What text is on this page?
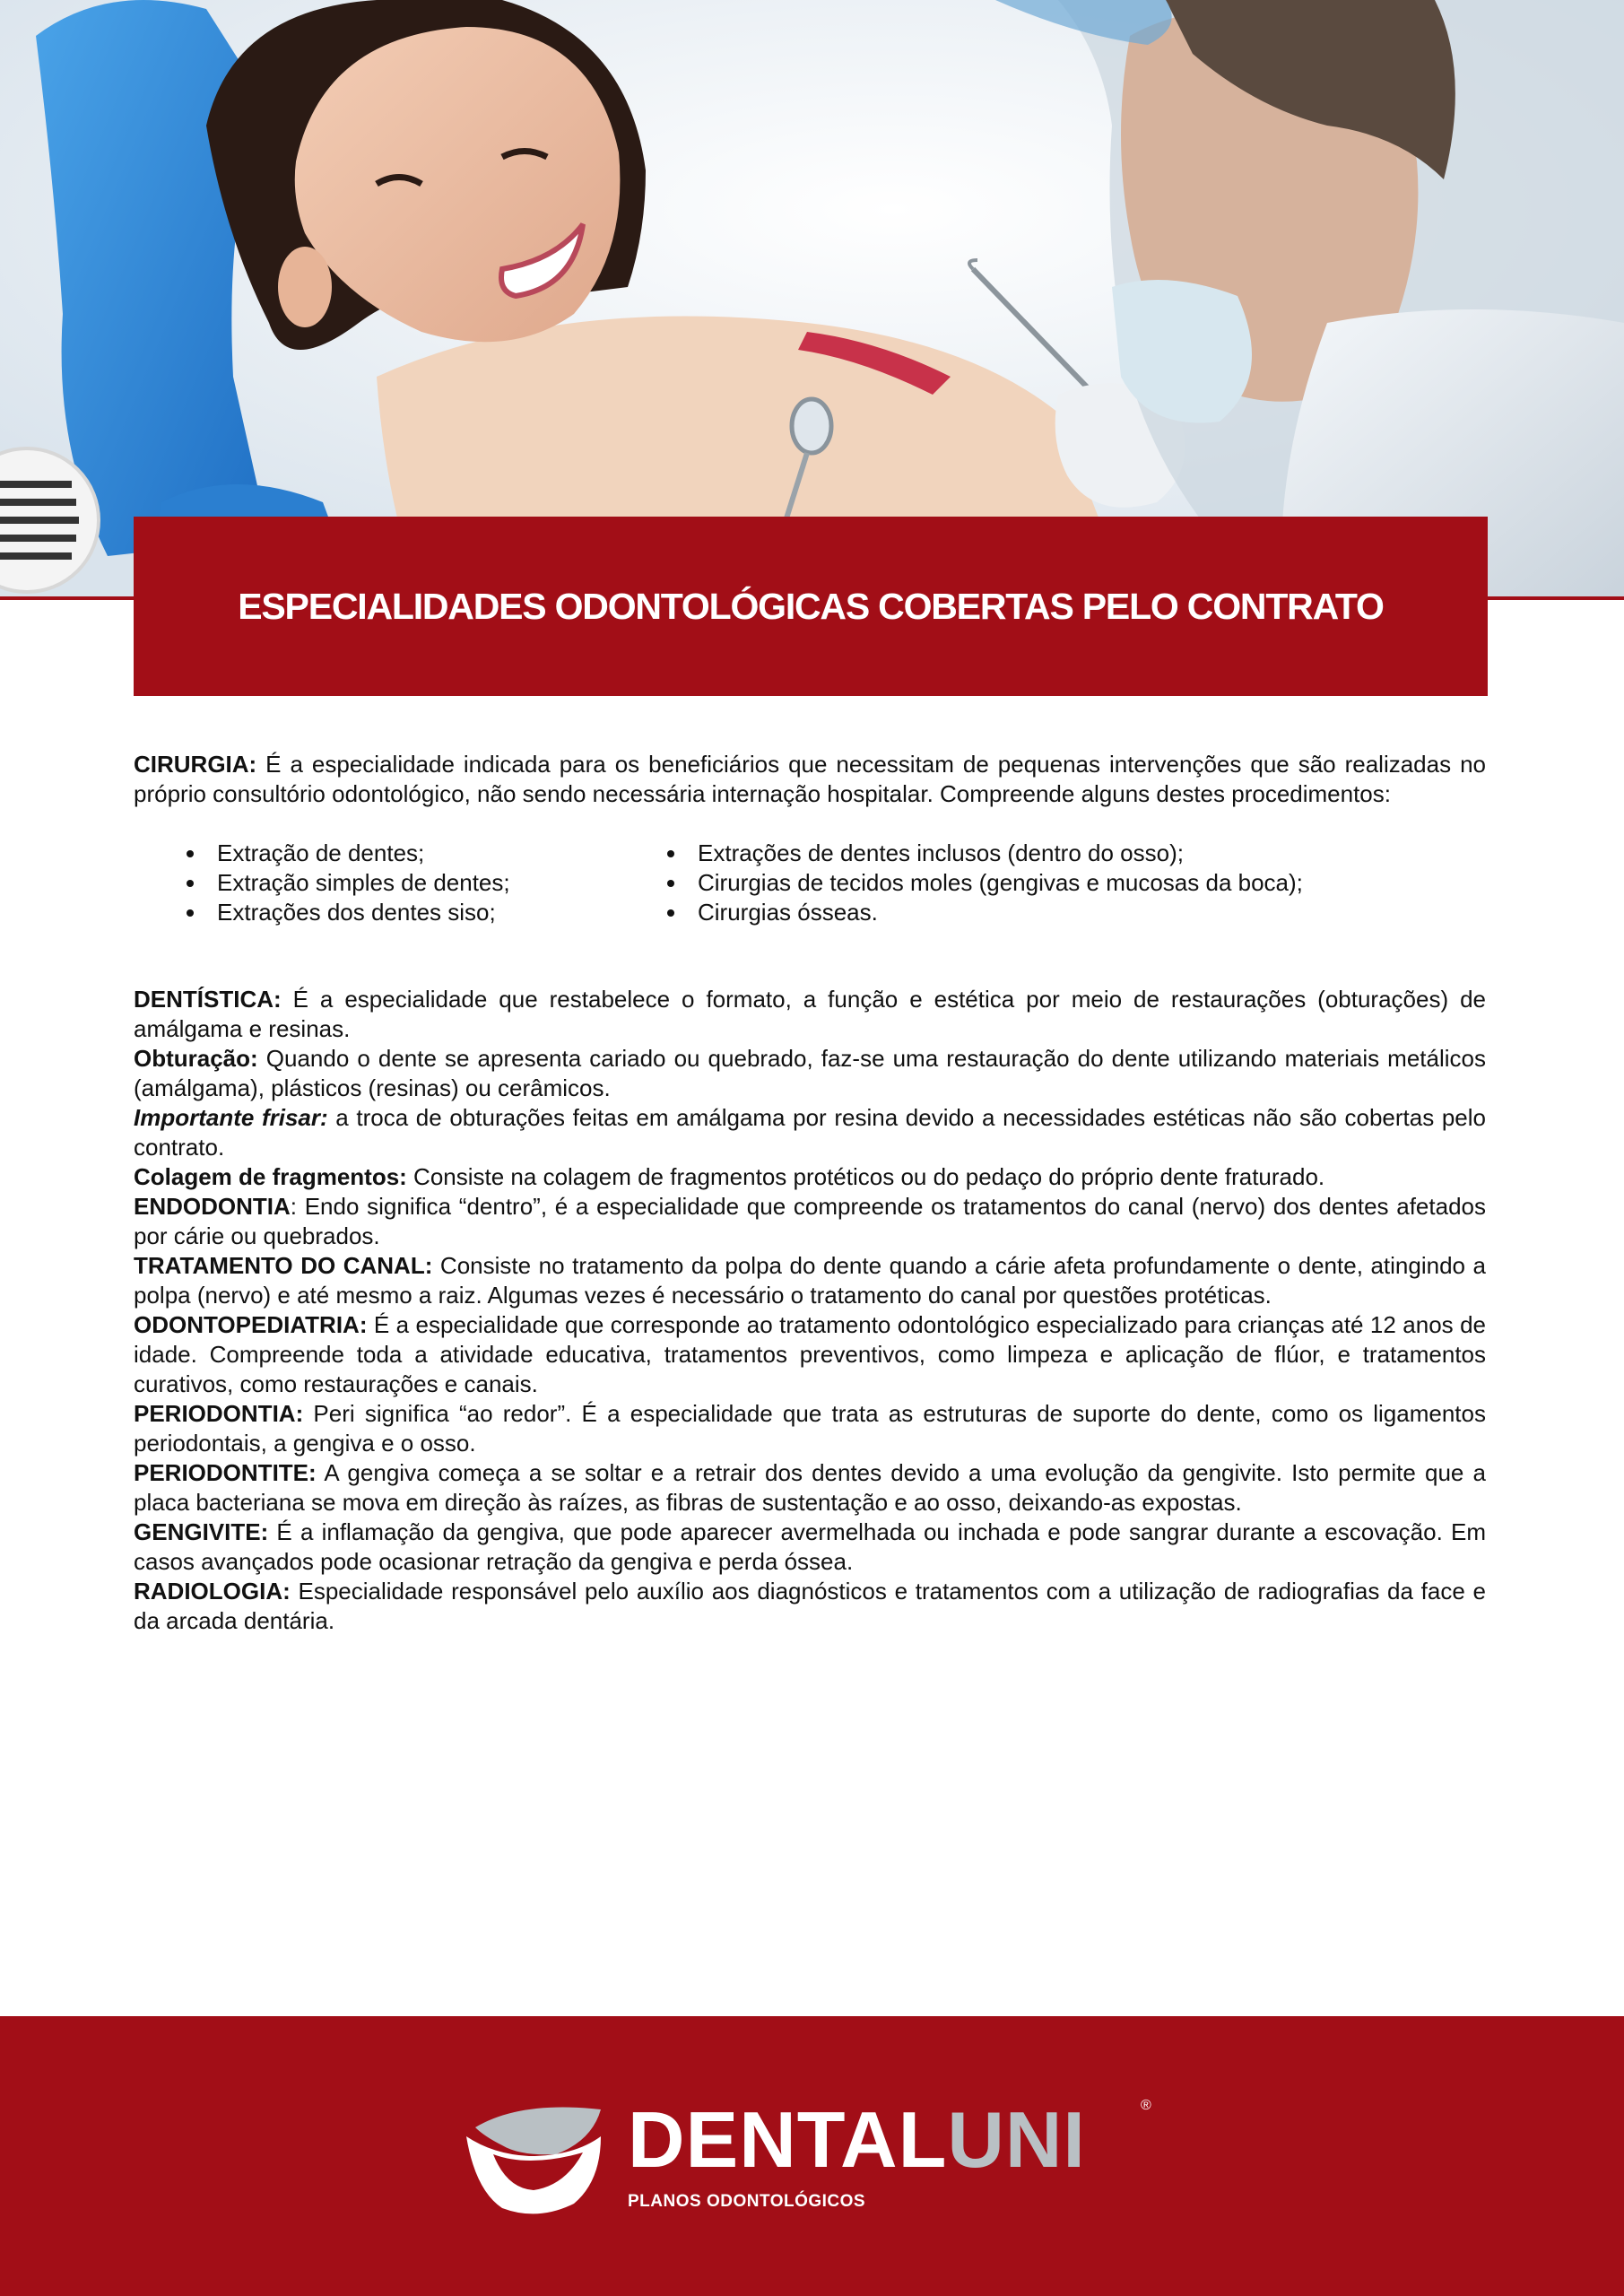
ESPECIALIDADES ODONTOLÓGICAS COBERTAS PELO CONTRATO

CIRURGIA: É a especialidade indicada para os beneficiários que necessitam de pequenas intervenções que são realizadas no próprio consultório odontológico, não sendo necessária internação hospitalar. Compreende alguns destes procedimentos:

Extração de dentes;
Extração simples de dentes;
Extrações dos dentes siso;
Extrações de dentes inclusos (dentro do osso);
Cirurgias de tecidos moles (gengivas e mucosas da boca);
Cirurgias ósseas.

DENTÍSTICA: É a especialidade que restabelece o formato, a função e estética por meio de restaurações (obturações) de amálgama e resinas.

Obturação: Quando o dente se apresenta cariado ou quebrado, faz-se uma restauração do dente utilizando materiais metálicos (amálgama), plásticos (resinas) ou cerâmicos.

Importante frisar: a troca de obturações feitas em amálgama por resina devido a necessidades estéticas não são cobertas pelo contrato.

Colagem de fragmentos: Consiste na colagem de fragmentos protéticos ou do pedaço do próprio dente fraturado.

ENDODONTIA: Endo significa “dentro”, é a especialidade que compreende os tratamentos do canal (nervo) dos dentes afetados por cárie ou quebrados.

TRATAMENTO DO CANAL: Consiste no tratamento da polpa do dente quando a cárie afeta profundamente o dente, atingindo a polpa (nervo) e até mesmo a raiz. Algumas vezes é necessário o tratamento do canal por questões protéticas.

ODONTOPEDIATRIA: É a especialidade que corresponde ao tratamento odontológico especializado para crianças até 12 anos de idade. Compreende toda a atividade educativa, tratamentos preventivos, como limpeza e aplicação de flúor, e tratamentos curativos, como restaurações e canais.

PERIODONTIA: Peri significa “ao redor”. É a especialidade que trata as estruturas de suporte do dente, como os ligamentos periodontais, a gengiva e o osso.

PERIODONTITE: A gengiva começa a se soltar e a retrair dos dentes devido a uma evolução da gengivite. Isto permite que a placa bacteriana se mova em direção às raízes, as fibras de sustentação e ao osso, deixando-as expostas.

GENGIVITE: É a inflamação da gengiva, que pode aparecer avermelhada ou inchada e pode sangrar durante a escovação. Em casos avançados pode ocasionar retração da gengiva e perda óssea.

RADIOLOGIA: Especialidade responsável pelo auxílio aos diagnósticos e tratamentos com a utilização de radiografias da face e da arcada dentária.

DENTALUNI	®
PLANOS ODONTOLÓGICOS
